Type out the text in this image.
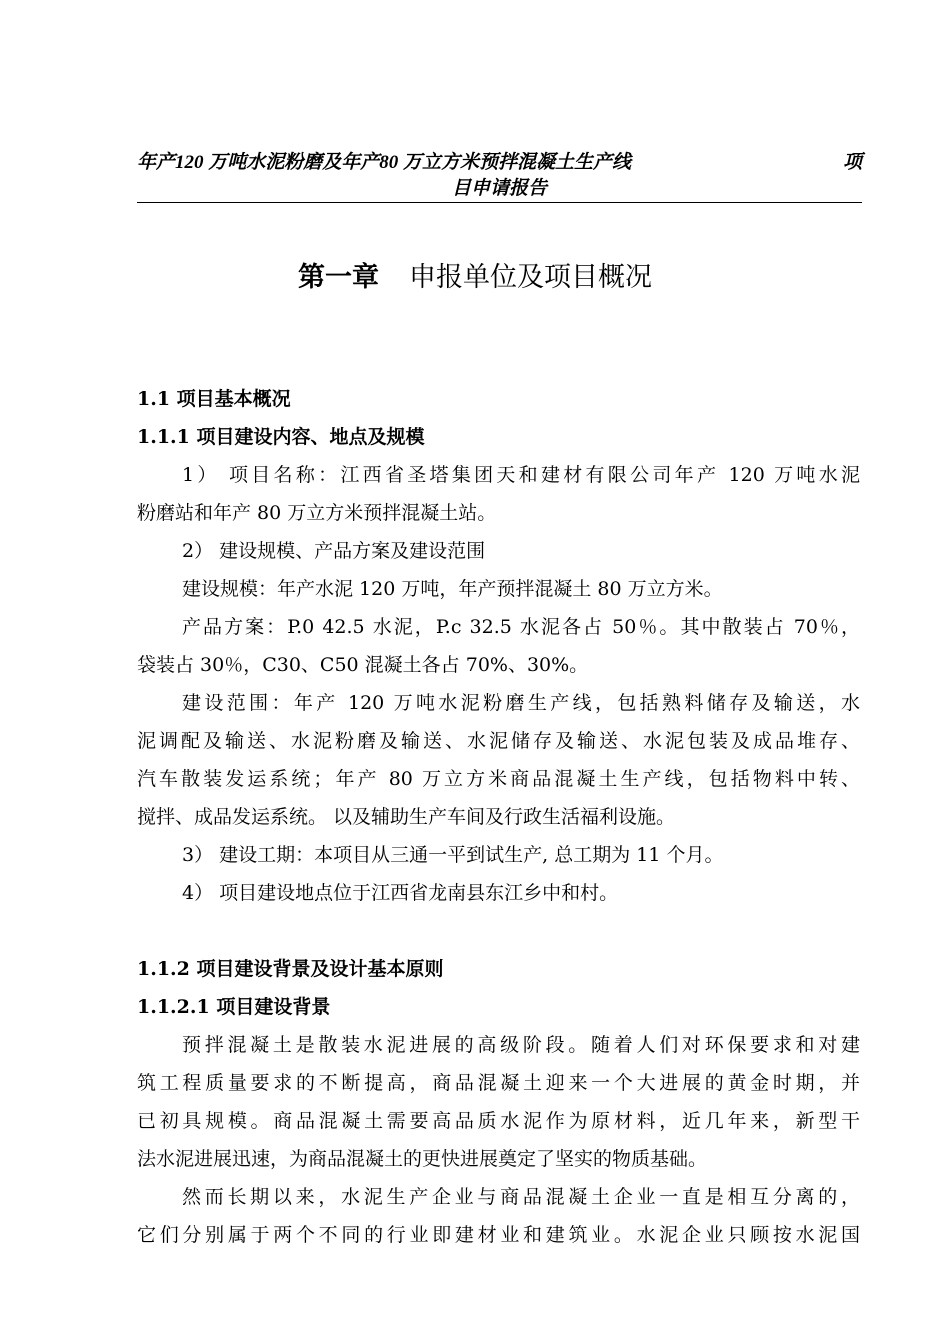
年产120 万吨水泥粉磨及年产80 万立方米预拌混凝土生产线	项
目申请报告
第一章 申报单位及项目概况
1.1 项目基本概况
1.1.1 项目建设内容、地点及规模
1） 项目名称：江西省圣塔集团天和建材有限公司年产 120 万吨水泥
粉磨站和年产 80 万立方米预拌混凝土站。
2） 建设规模、产品方案及建设范围
建设规模：年产水泥 120 万吨，年产预拌混凝土 80 万立方米。
产品方案：P.0 42.5 水泥，P.c 32.5 水泥各占 50％。其中散装占 70％，
袋装占 30％，C30、C50 混凝土各占 70%、30%。
建设范围：年产 120 万吨水泥粉磨生产线，包括熟料储存及输送，水
泥调配及输送、水泥粉磨及输送、水泥储存及输送、水泥包装及成品堆存、
汽车散装发运系统；年产 80 万立方米商品混凝土生产线，包括物料中转、
搅拌、成品发运系统。 以及辅助生产车间及行政生活福利设施。
3） 建设工期：本项目从三通一平到试生产, 总工期为 11 个月。
4） 项目建设地点位于江西省龙南县东江乡中和村。
1.1.2 项目建设背景及设计基本原则
1.1.2.1 项目建设背景
预拌混凝土是散装水泥进展的高级阶段。随着人们对环保要求和对建
筑工程质量要求的不断提高，商品混凝土迎来一个大进展的黄金时期，并
已初具规模。商品混凝土需要高品质水泥作为原材料，近几年来，新型干
法水泥进展迅速，为商品混凝土的更快进展奠定了坚实的物质基础。
然而长期以来，水泥生产企业与商品混凝土企业一直是相互分离的，
它们分别属于两个不同的行业即建材业和建筑业。水泥企业只顾按水泥国
